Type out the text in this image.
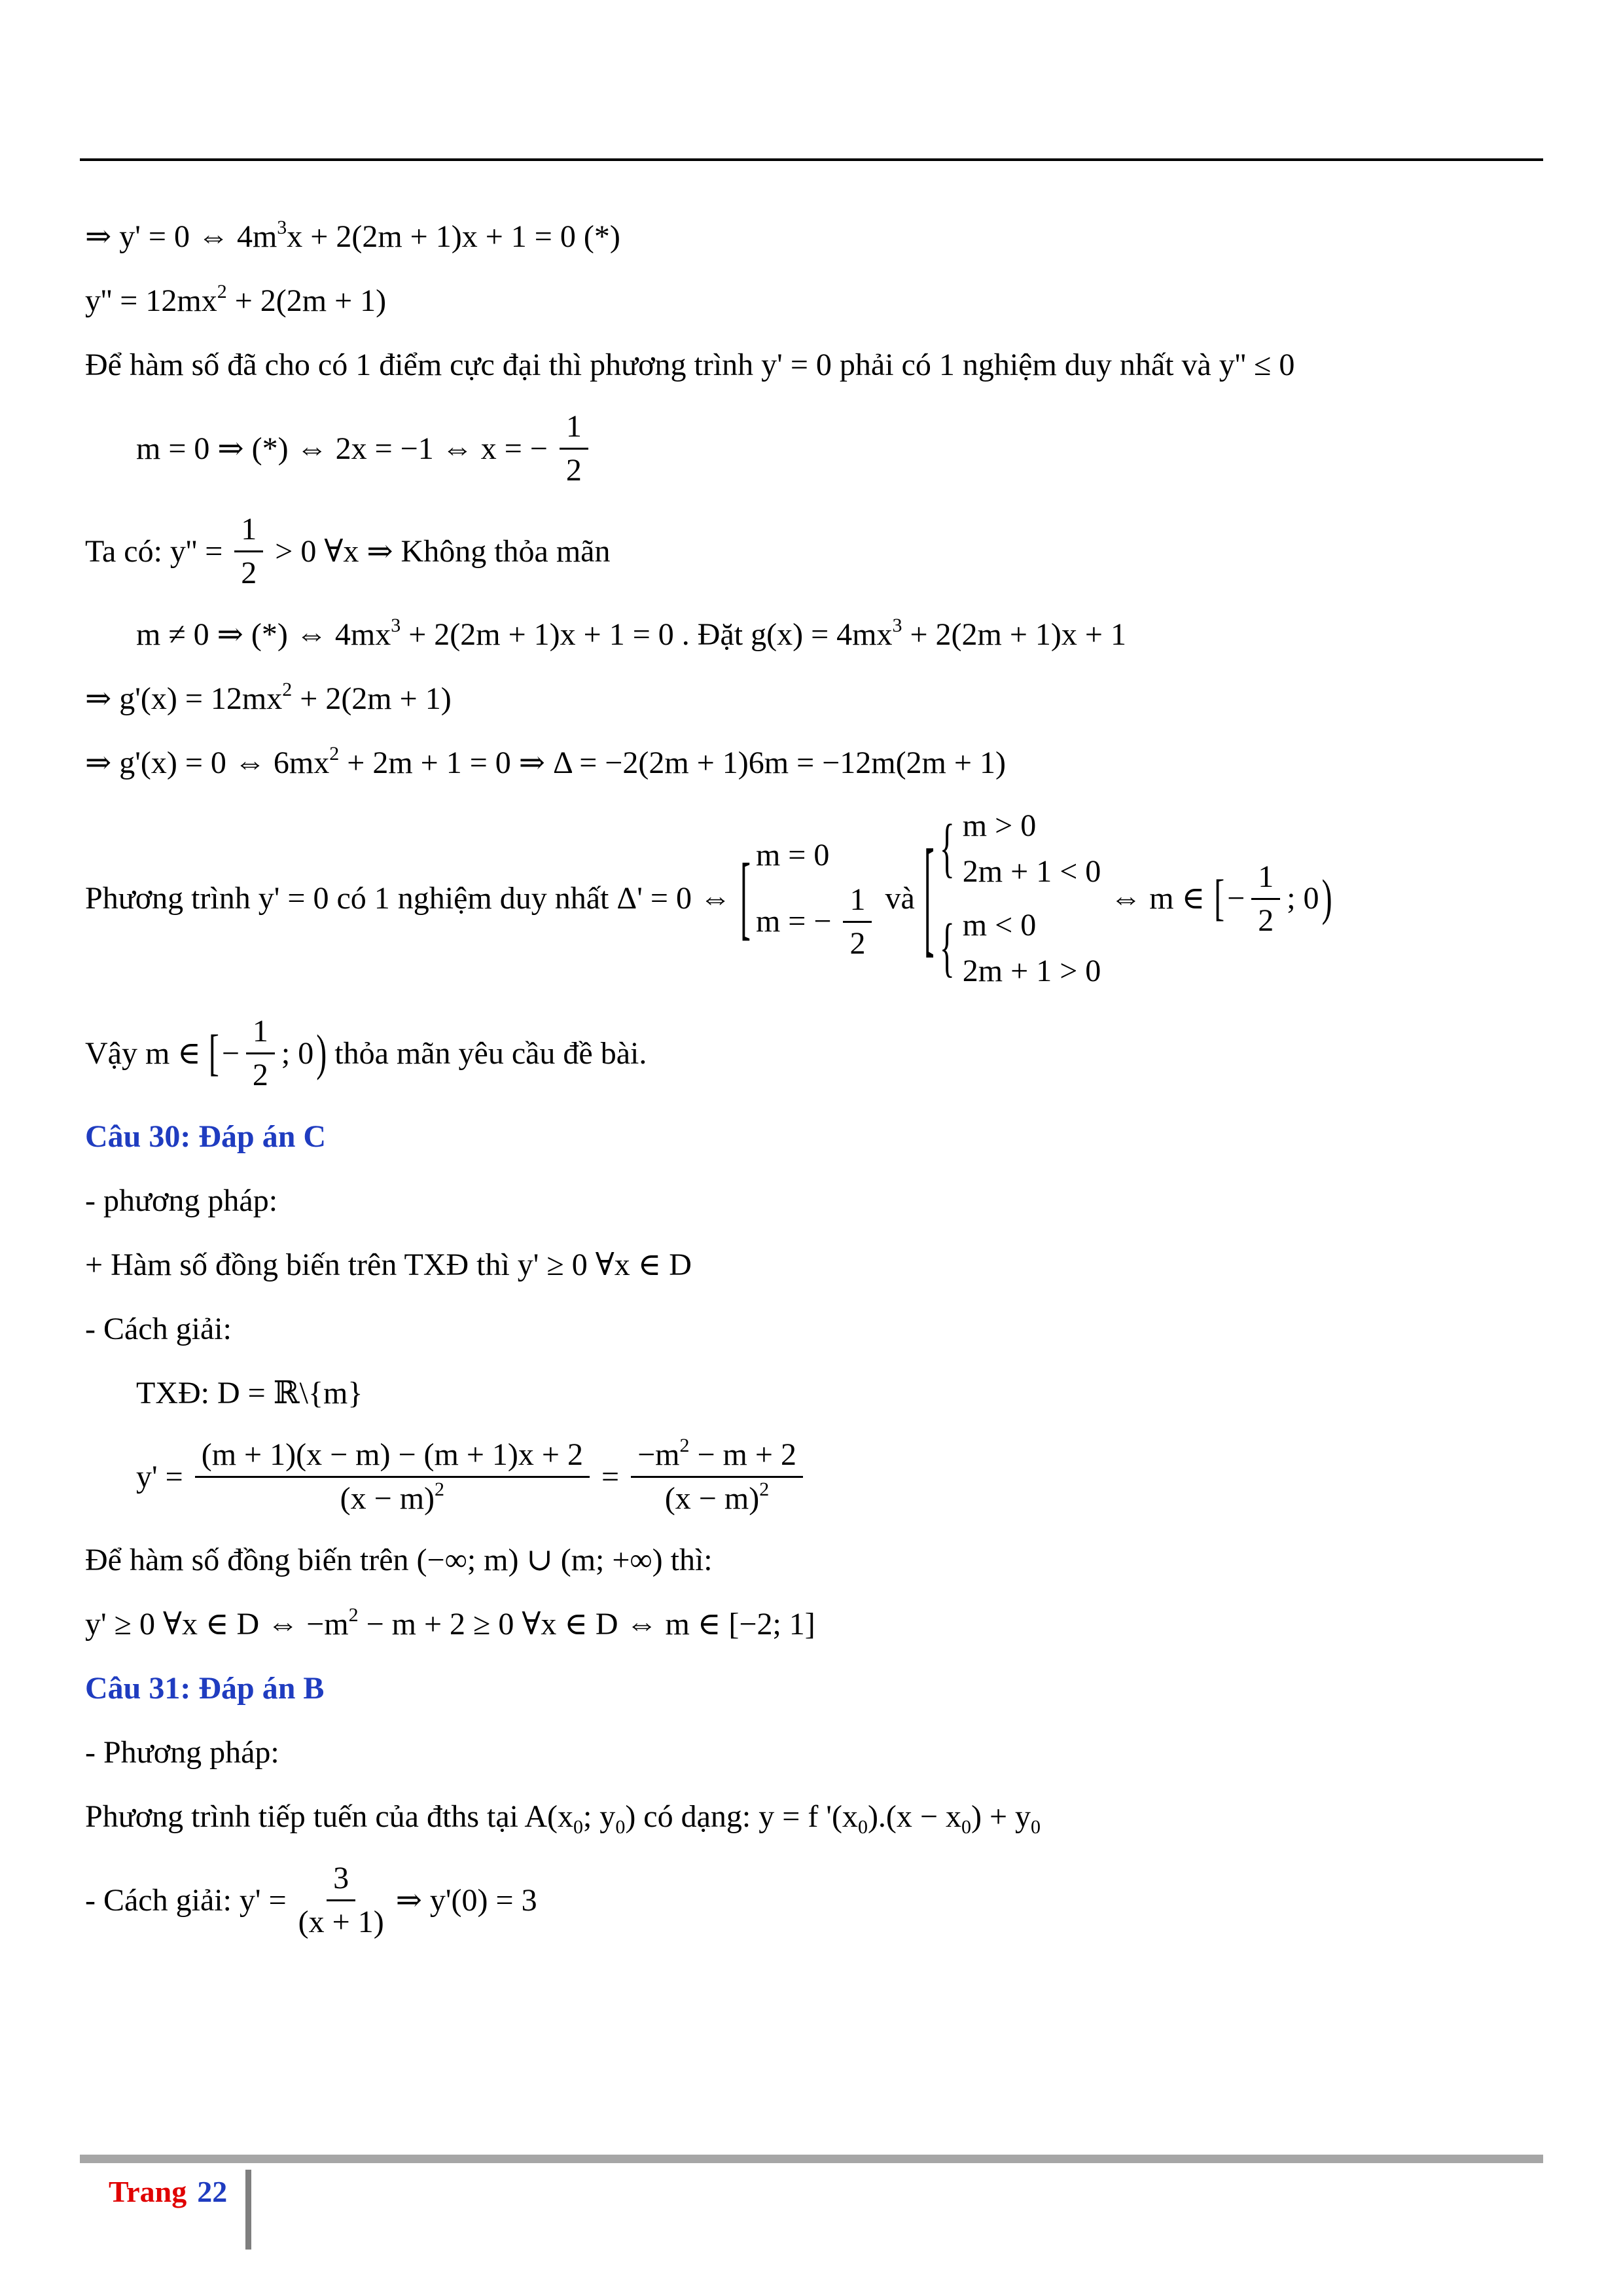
⇒ y' = 0 ⇔ $4m^3x + 2(2m + 1)x + 1 = 0$ (*)

$y'' = 12mx^2 + 2(2m + 1)$

Để hàm số đã cho có 1 điểm cực đại thì phương trình y' = 0 phải có 1 nghiệm duy nhất và y'' ≤ 0

m = 0 ⇒ (*) ⇔ 2x = −1 ⇔ x = − $\frac{1}{2}$
Ta có: $y'' = \frac{1}{2} > 0$ ∀x ⇒ Không thỏa mãn

m ≠ 0 ⇒ (*) ⇔ $4mx^3 + 2(2m + 1)x + 1 = 0$ . Đặt $g(x) = 4mx^3 + 2(2m + 1)x + 1$

⇒ $g'(x) = 12mx^2 + 2(2m + 1)$

⇒ g'(x) = 0 ⇔ $6mx^2 + 2m + 1 = 0$ ⇒ Δ = −2(2m + 1)6m = −12m(2m + 1)

Phương trình y' = 0 có 1 nghiệm duy nhất Δ' = 0 ⇔ [ m = 0
m = − $\frac{1}{2}$ và [ { m > 0
2m + 1 < 0
{ m < 0
2m + 1 > 0
⇔ m ∈ [ − $\frac{1}{2}$ ; 0 )
Vậy m ∈ [ − $\frac{1}{2}$ ; 0 ) thỏa mãn yêu cầu đề bài.

Câu 30: Đáp án C

- phương pháp:

+ Hàm số đồng biến trên TXĐ thì y' ≥ 0 ∀x ∈ D

- Cách giải:

TXĐ: D = ℝ\{m}

$y' = \frac{(m + 1)(x - m) - (m + 1)x + 2}{(x - m)^2} = \frac{-m^2 - m + 2}{(x - m)^2}$

Để hàm số đồng biến trên (−∞; m) ∪ (m; +∞) thì:

y' ≥ 0 ∀x ∈ D ⇔ $-m^2 - m + 2 \ge 0$ ∀x ∈ D ⇔ m ∈ [−2; 1]

Câu 31: Đáp án B

- Phương pháp:

Phương trình tiếp tuến của đths tại $A(x_0$; $y_0$) có dạng: y = f '$(x_0).(x - x_0) + y_0$

- Cách giải: $y' = \frac{3}{(x + 1)}$ ⇒ y'(0) = 3
Trang 22
